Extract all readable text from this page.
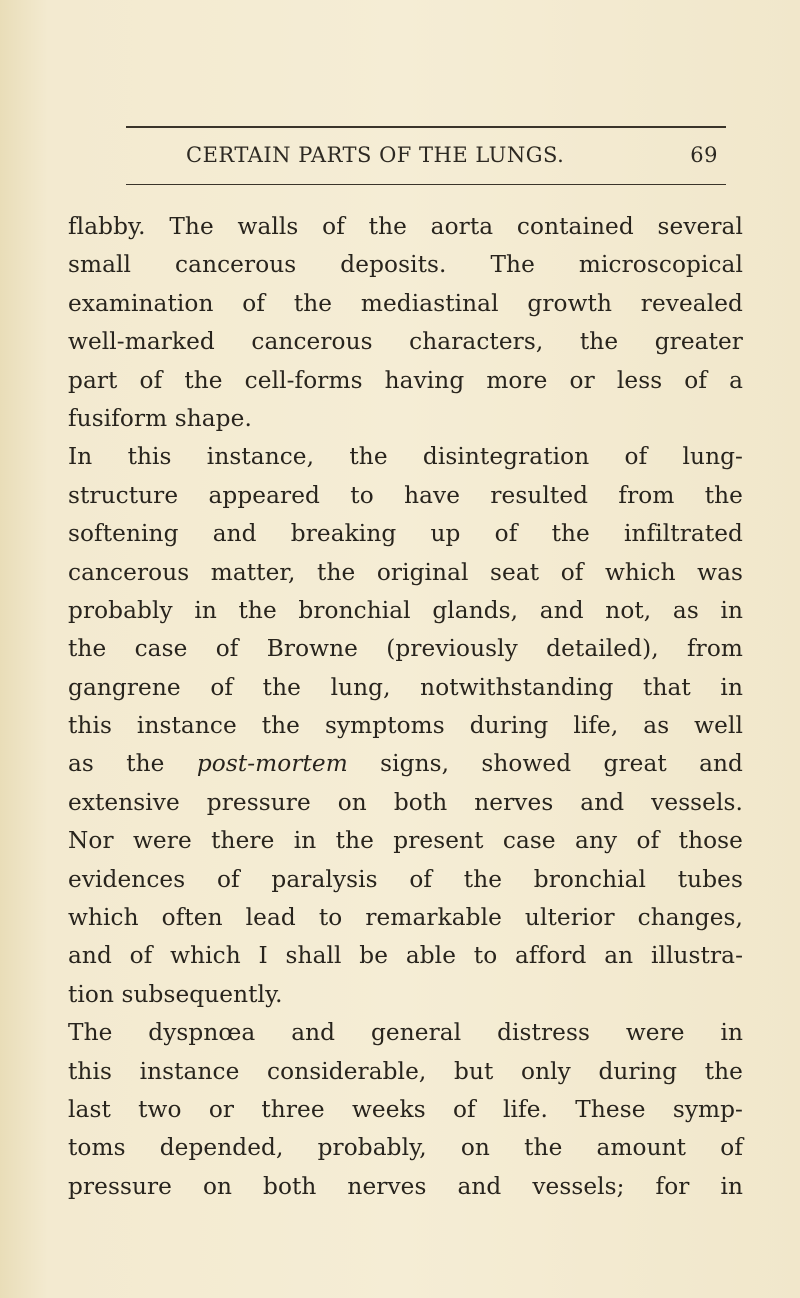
CERTAIN PARTS OF THE LUNGS.	69
flabby. The walls of the aorta contained several
small cancerous deposits. The microscopical
examination of the mediastinal growth revealed
well-marked cancerous characters, the greater
part of the cell-forms having more or less of a
fusiform shape.
In this instance, the disintegration of lung-
structure appeared to have resulted from the
softening and breaking up of the infiltrated
cancerous matter, the original seat of which was
probably in the bronchial glands, and not, as in
the case of Browne (previously detailed), from
gangrene of the lung, notwithstanding that in
this instance the symptoms during life, as well
as the post-mortem signs, showed great and
extensive pressure on both nerves and vessels.
Nor were there in the present case any of those
evidences of paralysis of the bronchial tubes
which often lead to remarkable ulterior changes,
and of which I shall be able to afford an illustra-
tion subsequently.
The dyspnœa and general distress were in
this instance considerable, but only during the
last two or three weeks of life. These symp-
toms depended, probably, on the amount of
pressure on both nerves and vessels; for in
